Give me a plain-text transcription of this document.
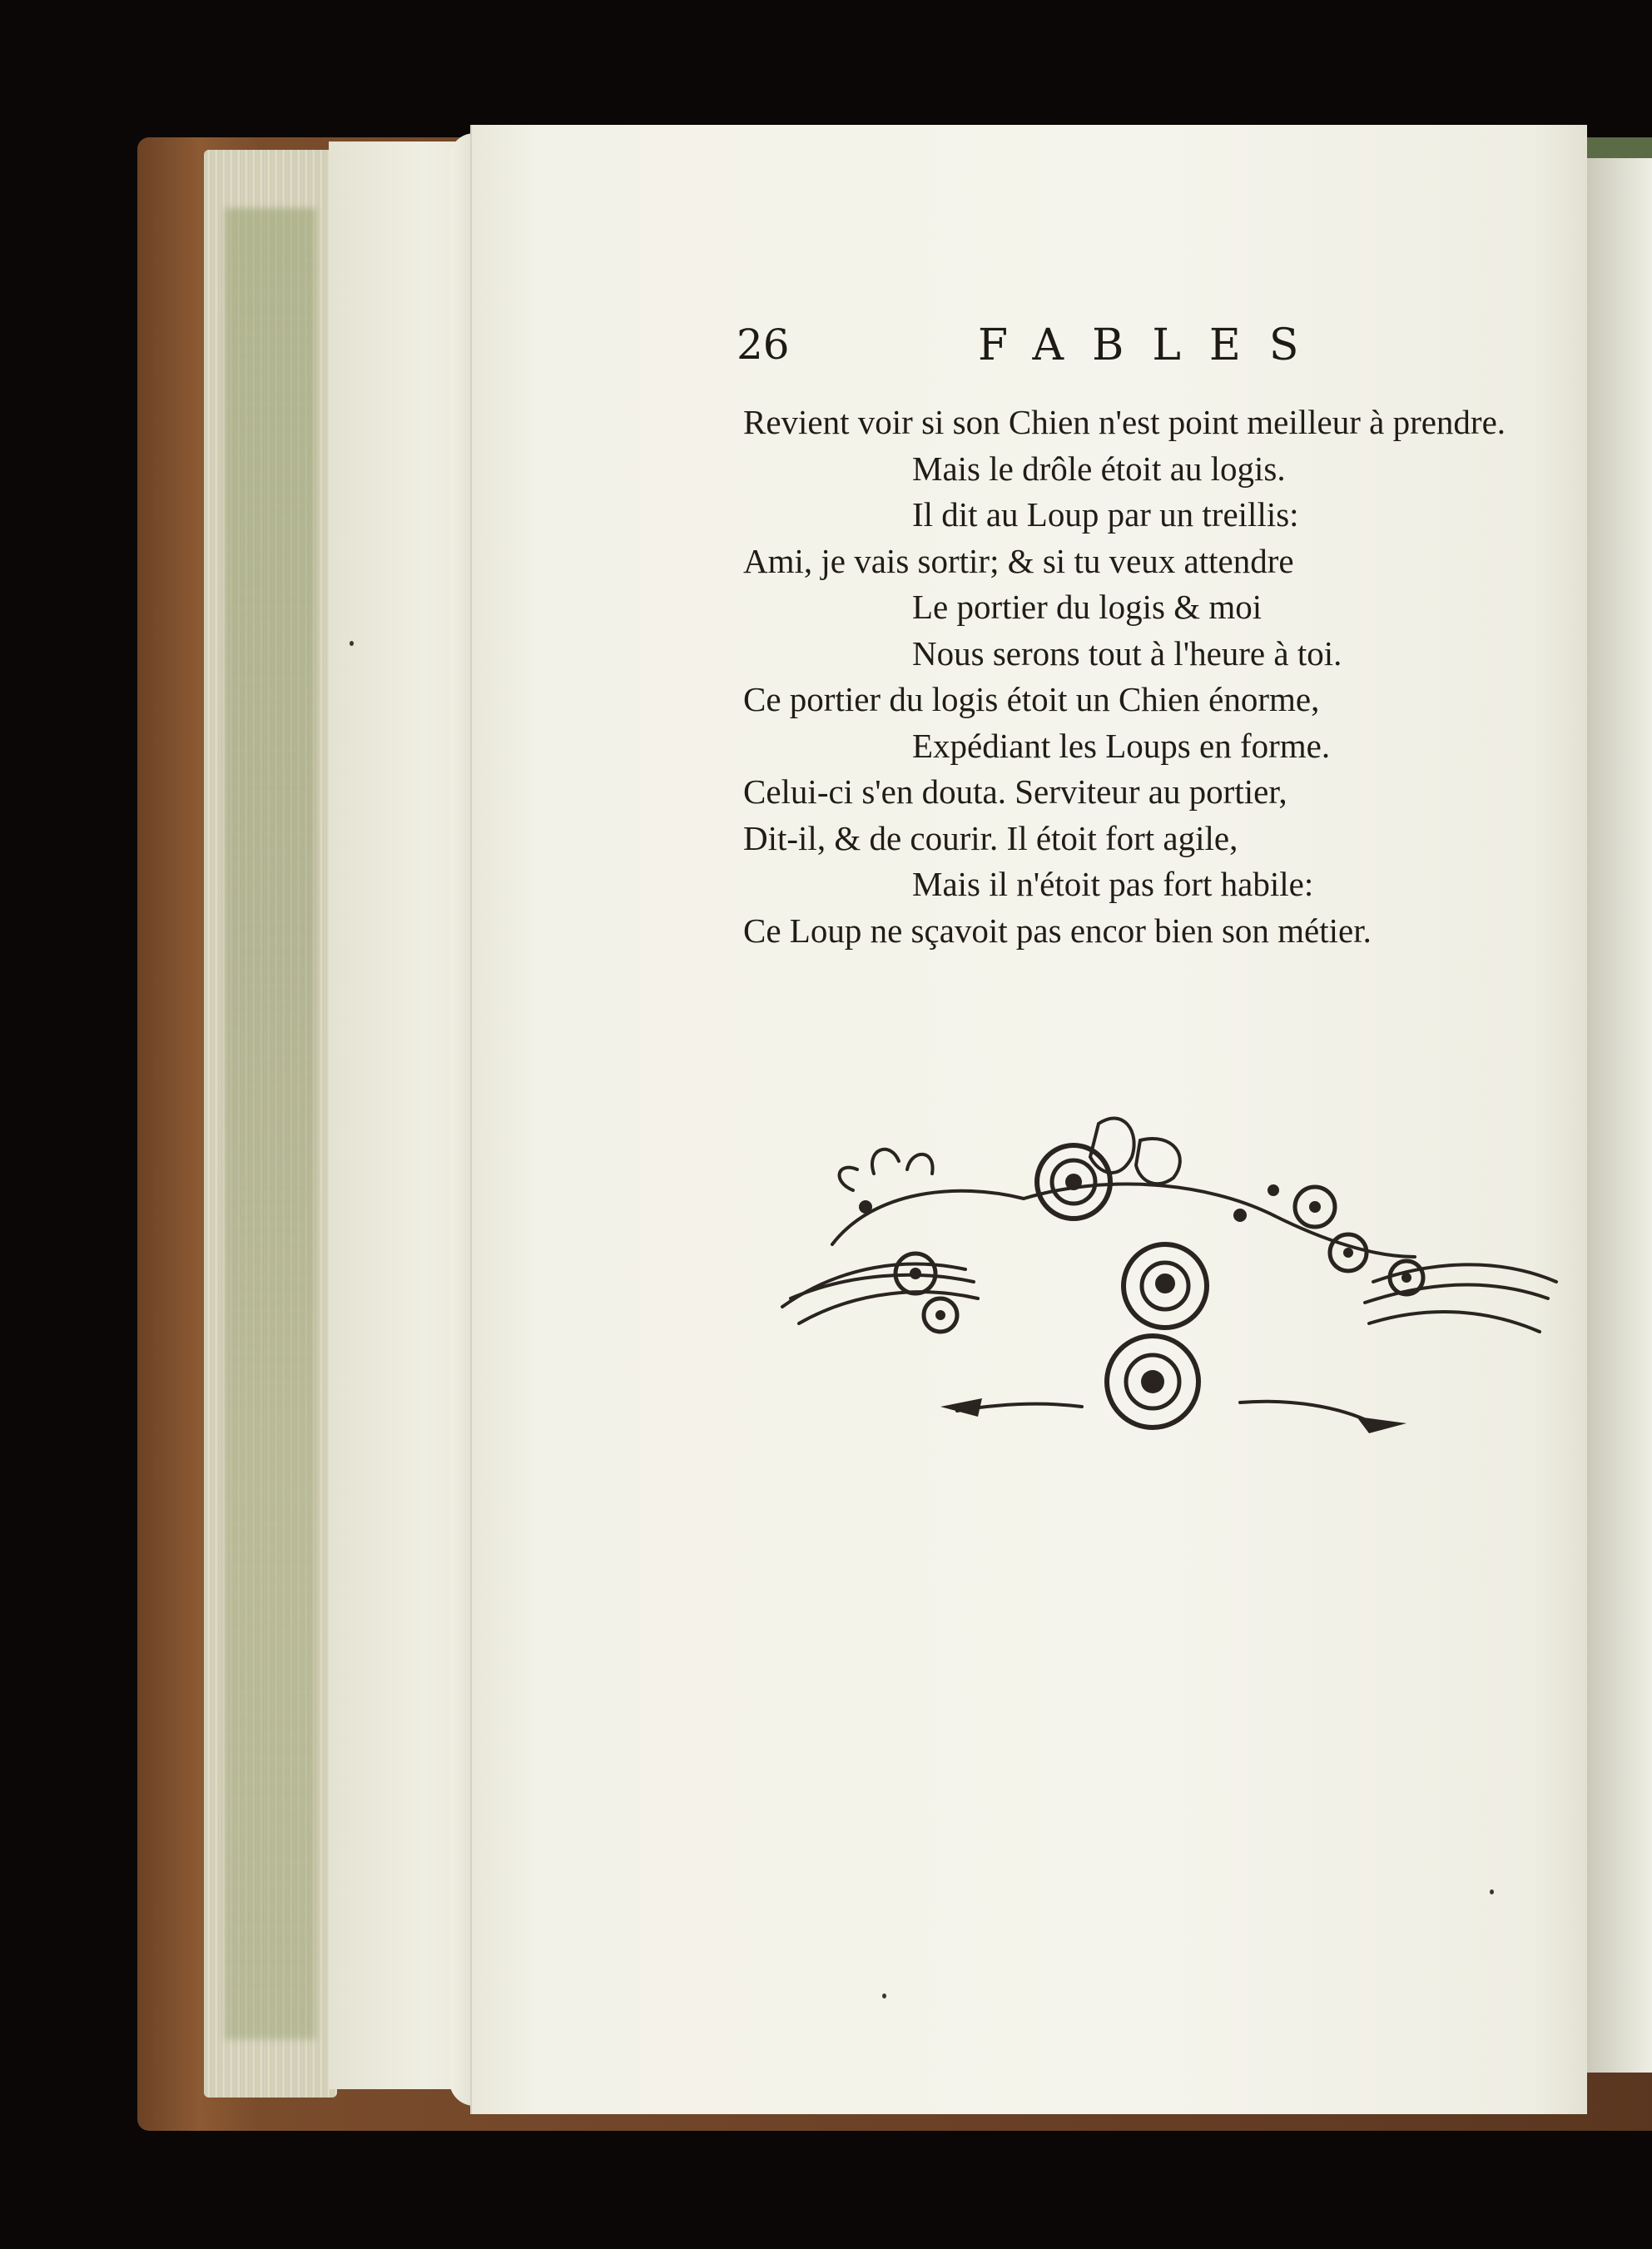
26	FABLES
Revient voir si son Chien n'est point meilleur à prendre.
Mais le drôle étoit au logis.
Il dit au Loup par un treillis:
Ami, je vais sortir; & si tu veux attendre
Le portier du logis & moi
Nous serons tout à l'heure à toi.
Ce portier du logis étoit un Chien énorme,
Expédiant les Loups en forme.
Celui-ci s'en douta. Serviteur au portier,
Dit-il, & de courir. Il étoit fort agile,
Mais il n'étoit pas fort habile:
Ce Loup ne sçavoit pas encor bien son métier.
